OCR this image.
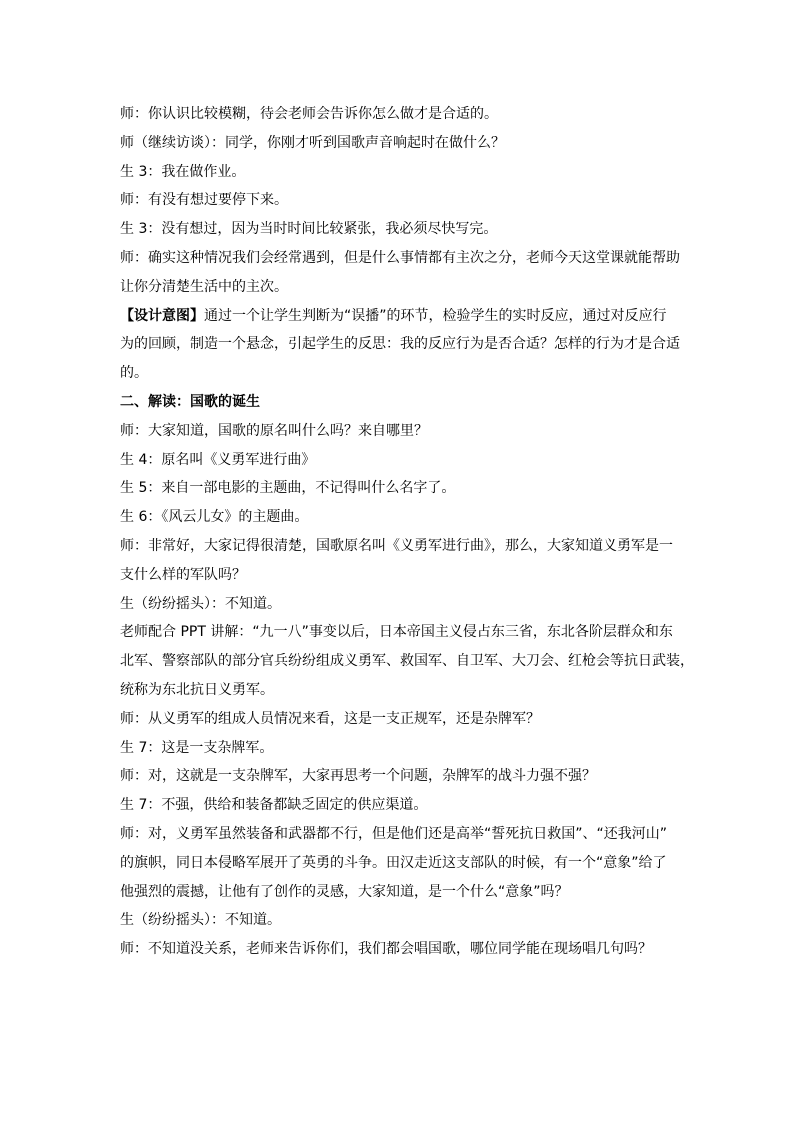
师：你认识比较模糊，待会老师会告诉你怎么做才是合适的。
师（继续访谈）：同学，你刚才听到国歌声音响起时在做什么？
生 3：我在做作业。
师：有没有想过要停下来。
生 3：没有想过，因为当时时间比较紧张，我必须尽快写完。
师：确实这种情况我们会经常遇到，但是什么事情都有主次之分，老师今天这堂课就能帮助
让你分清楚生活中的主次。
【设计意图】通过一个让学生判断为“误播”的环节，检验学生的实时反应，通过对反应行
为的回顾，制造一个悬念，引起学生的反思：我的反应行为是否合适？怎样的行为才是合适
的。
二、解读：国歌的诞生
师：大家知道，国歌的原名叫什么吗？来自哪里？
生 4：原名叫《义勇军进行曲》
生 5：来自一部电影的主题曲，不记得叫什么名字了。
生 6：《风云儿女》的主题曲。
师：非常好，大家记得很清楚，国歌原名叫《义勇军进行曲》，那么，大家知道义勇军是一
支什么样的军队吗？
生（纷纷摇头）：不知道。
老师配合 PPT 讲解：“九一八”事变以后，日本帝国主义侵占东三省，东北各阶层群众和东
北军、警察部队的部分官兵纷纷组成义勇军、救国军、自卫军、大刀会、红枪会等抗日武装，
统称为东北抗日义勇军。
师：从义勇军的组成人员情况来看，这是一支正规军，还是杂牌军？
生 7：这是一支杂牌军。
师：对，这就是一支杂牌军，大家再思考一个问题，杂牌军的战斗力强不强？
生 7：不强，供给和装备都缺乏固定的供应渠道。
师：对，义勇军虽然装备和武器都不行，但是他们还是高举“誓死抗日救国”、“还我河山”
的旗帜，同日本侵略军展开了英勇的斗争。田汉走近这支部队的时候，有一个“意象”给了
他强烈的震撼，让他有了创作的灵感，大家知道，是一个什么“意象”吗？
生（纷纷摇头）：不知道。
师：不知道没关系，老师来告诉你们，我们都会唱国歌，哪位同学能在现场唱几句吗？
